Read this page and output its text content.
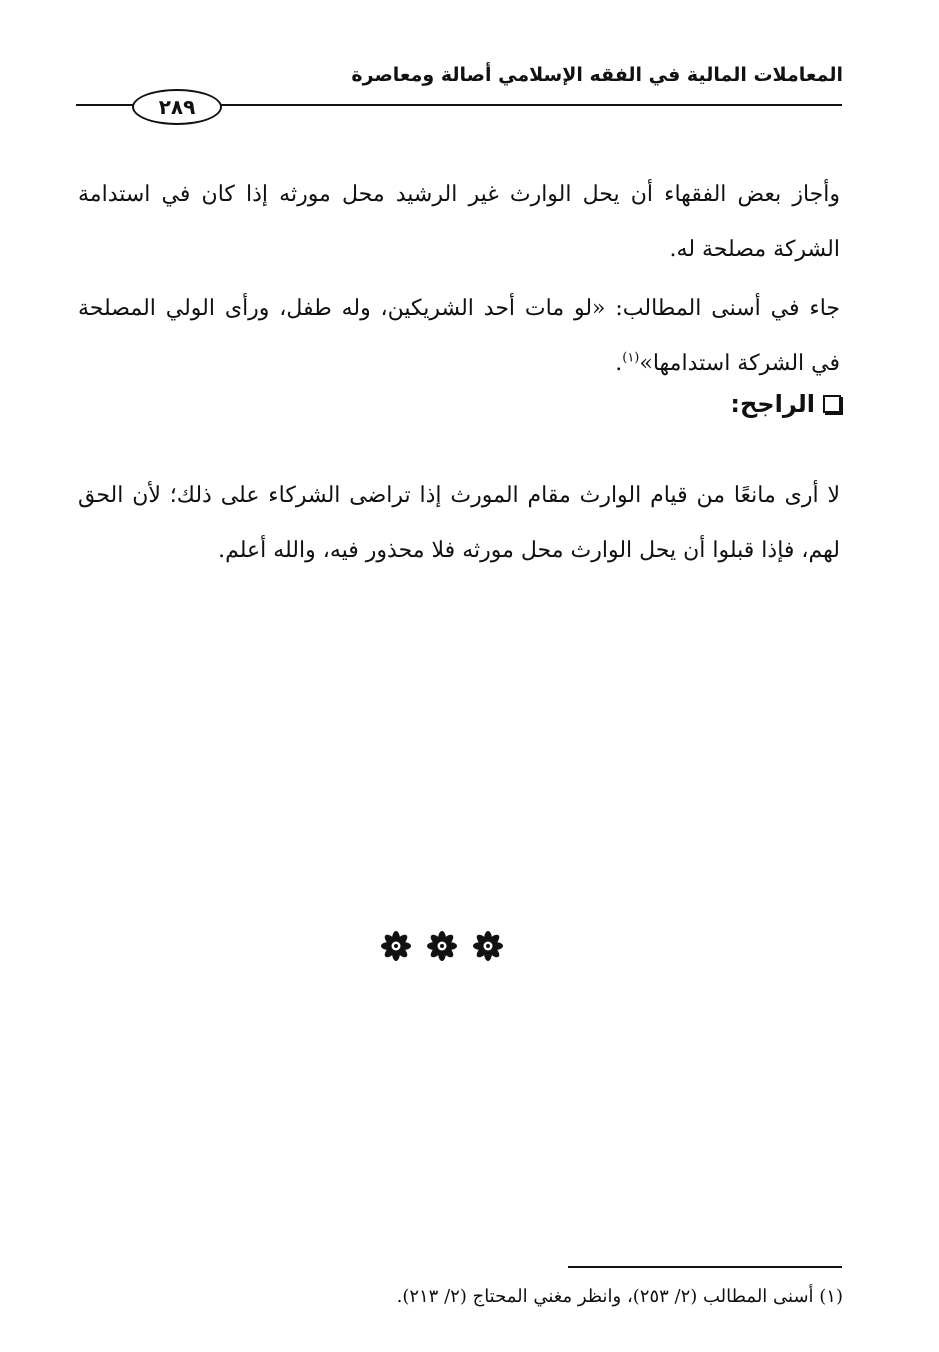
المعاملات المالية في الفقه الإسلامي أصالة ومعاصرة
٢٨٩

وأجاز بعض الفقهاء أن يحل الوارث غير الرشيد محل مورثه إذا كان في استدامة الشركة مصلحة له.

جاء في أسنى المطالب: «لو مات أحد الشريكين، وله طفل، ورأى الولي المصلحة في الشركة استدامها»$^{(١)}$.

الراجح:

لا أرى مانعًا من قيام الوارث مقام المورث إذا تراضى الشركاء على ذلك؛ لأن الحق لهم، فإذا قبلوا أن يحل الوارث محل مورثه فلا محذور فيه، والله أعلم.

(١) أسنى المطالب (٢/ ٢٥٣)، وانظر مغني المحتاج (٢/ ٢١٣).
